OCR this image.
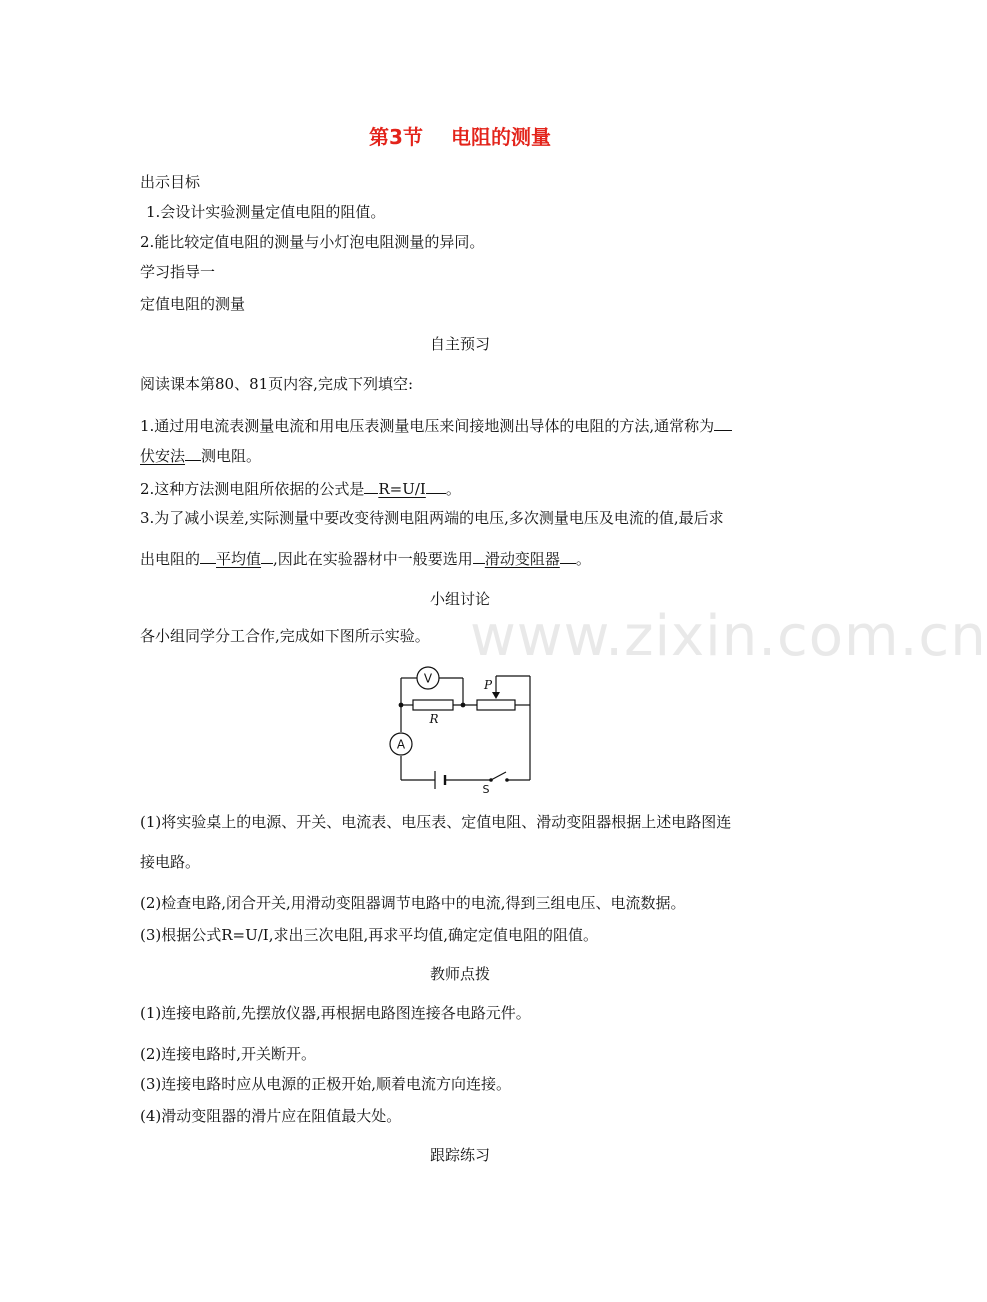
www.zixin.com.cn
第3节 电阻的测量
出示目标
1.会设计实验测量定值电阻的阻值。
2.能比较定值电阻的测量与小灯泡电阻测量的异同。
学习指导一
定值电阻的测量
自主预习
阅读课本第80、81页内容,完成下列填空:
1.通过用电流表测量电流和用电压表测量电压来间接地测出导体的电阻的方法,通常称为
伏安法 测电阻。
2.这种方法测电阻所依据的公式是 R=U/I 。
3.为了减小误差,实际测量中要改变待测电阻两端的电压,多次测量电压及电流的值,最后求
出电阻的 平均值 ,因此在实验器材中一般要选用 滑动变阻器 。
小组讨论
各小组同学分工合作,完成如下图所示实验。
V
R
P
A
S
(1)将实验桌上的电源、开关、电流表、电压表、定值电阻、滑动变阻器根据上述电路图连
接电路。
(2)检查电路,闭合开关,用滑动变阻器调节电路中的电流,得到三组电压、电流数据。
(3)根据公式R=U/I,求出三次电阻,再求平均值,确定定值电阻的阻值。
教师点拨
(1)连接电路前,先摆放仪器,再根据电路图连接各电路元件。
(2)连接电路时,开关断开。
(3)连接电路时应从电源的正极开始,顺着电流方向连接。
(4)滑动变阻器的滑片应在阻值最大处。
跟踪练习
